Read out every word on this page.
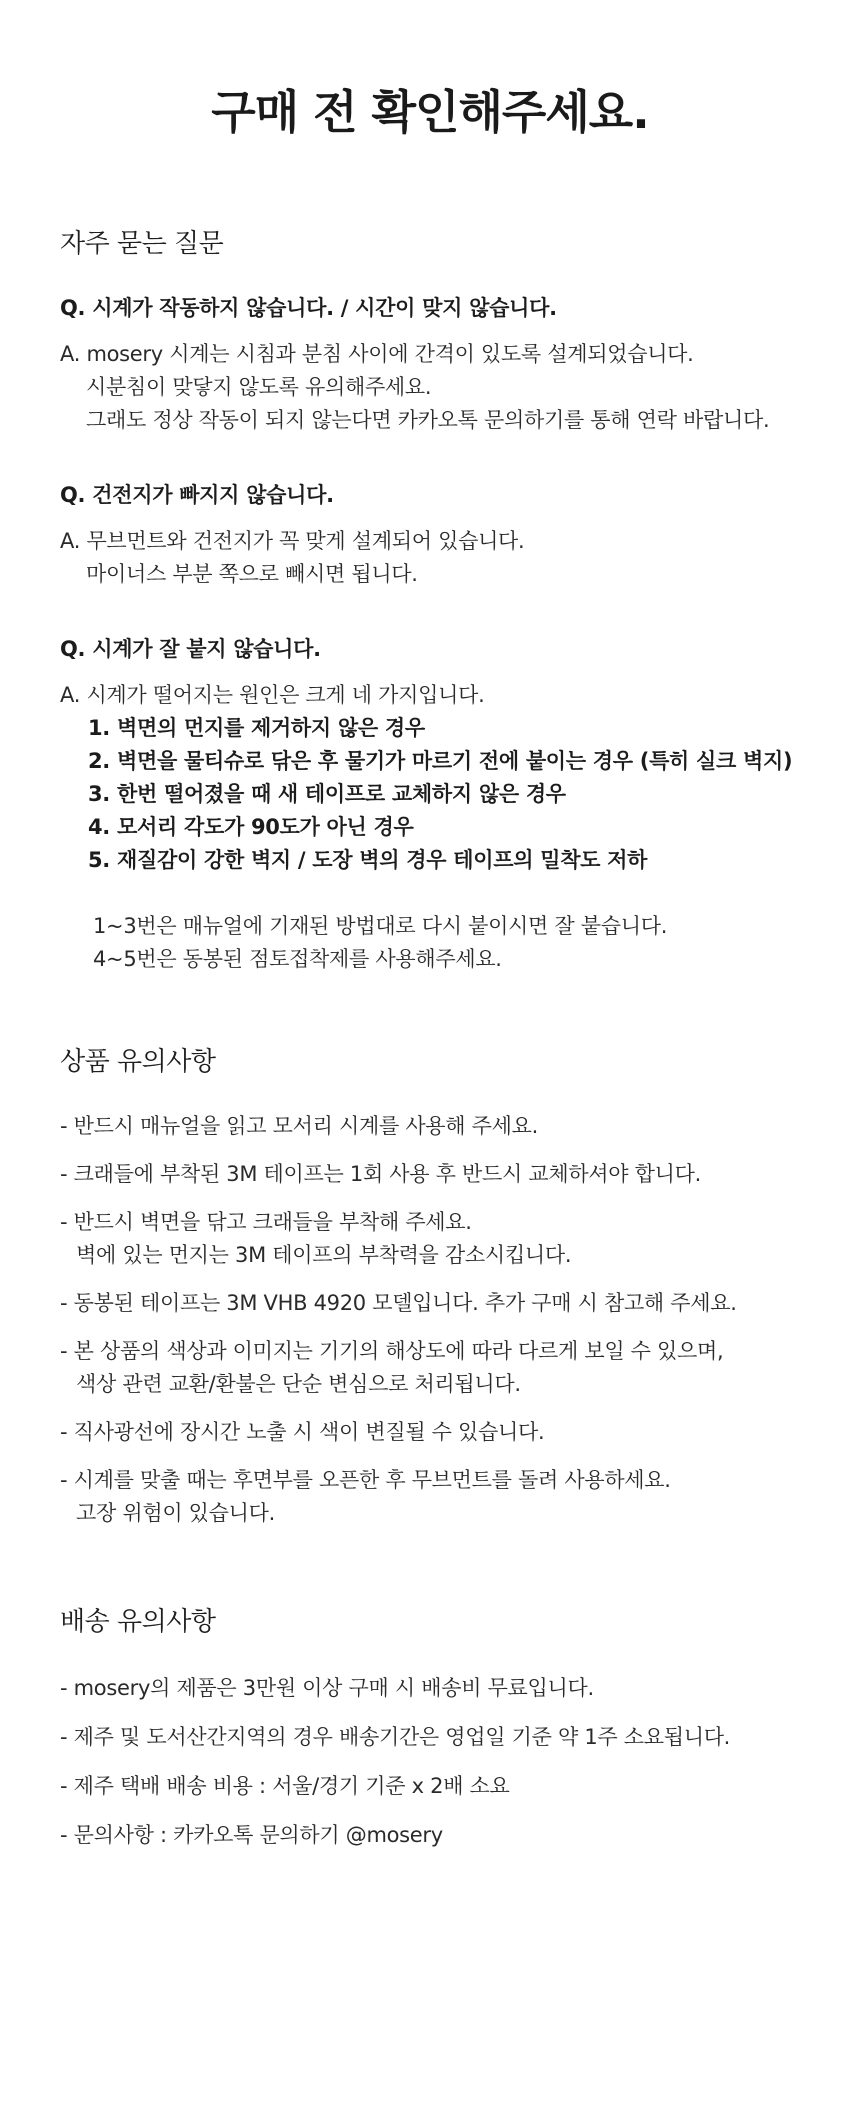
구매 전 확인해주세요.
자주 묻는 질문

Q. 시계가 작동하지 않습니다. / 시간이 맞지 않습니다.

A. mosery 시계는 시침과 분침 사이에 간격이 있도록 설계되었습니다.
시분침이 맞닿지 않도록 유의해주세요.
그래도 정상 작동이 되지 않는다면 카카오톡 문의하기를 통해 연락 바랍니다.

Q. 건전지가 빠지지 않습니다.

A. 무브먼트와 건전지가 꼭 맞게 설계되어 있습니다.
마이너스 부분 쪽으로 빼시면 됩니다.

Q. 시계가 잘 붙지 않습니다.

A. 시계가 떨어지는 원인은 크게 네 가지입니다.
1. 벽면의 먼지를 제거하지 않은 경우
2. 벽면을 물티슈로 닦은 후 물기가 마르기 전에 붙이는 경우 (특히 실크 벽지)
3. 한번 떨어졌을 때 새 테이프로 교체하지 않은 경우
4. 모서리 각도가 90도가 아닌 경우
5. 재질감이 강한 벽지 / 도장 벽의 경우 테이프의 밀착도 저하
1~3번은 매뉴얼에 기재된 방법대로 다시 붙이시면 잘 붙습니다.
4~5번은 동봉된 점토접착제를 사용해주세요.
상품 유의사항
- 반드시 매뉴얼을 읽고 모서리 시계를 사용해 주세요.
- 크래들에 부착된 3M 테이프는 1회 사용 후 반드시 교체하셔야 합니다.
- 반드시 벽면을 닦고 크래들을 부착해 주세요.
벽에 있는 먼지는 3M 테이프의 부착력을 감소시킵니다.
- 동봉된 테이프는 3M VHB 4920 모델입니다. 추가 구매 시 참고해 주세요.
- 본 상품의 색상과 이미지는 기기의 해상도에 따라 다르게 보일 수 있으며,
색상 관련 교환/환불은 단순 변심으로 처리됩니다.
- 직사광선에 장시간 노출 시 색이 변질될 수 있습니다.
- 시계를 맞출 때는 후면부를 오픈한 후 무브먼트를 돌려 사용하세요.
고장 위험이 있습니다.
배송 유의사항
- mosery의 제품은 3만원 이상 구매 시 배송비 무료입니다.
- 제주 및 도서산간지역의 경우 배송기간은 영업일 기준 약 1주 소요됩니다.
- 제주 택배 배송 비용 : 서울/경기 기준 x 2배 소요
- 문의사항 : 카카오톡 문의하기 @mosery
